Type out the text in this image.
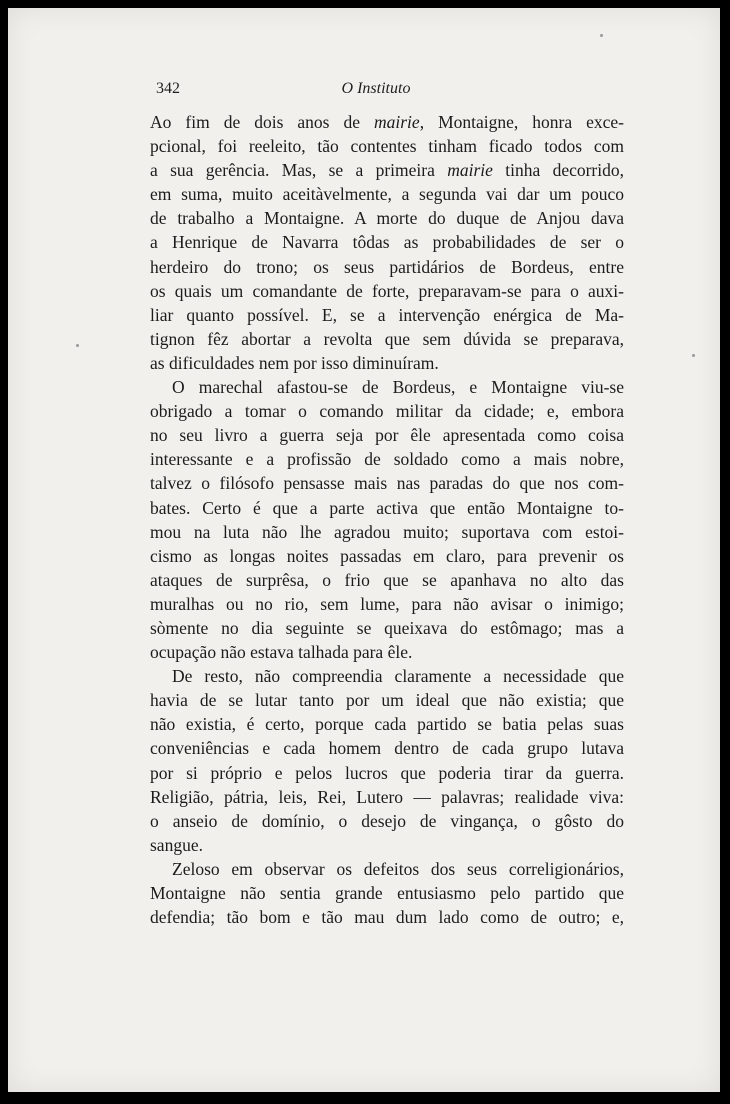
342	O Instituto

Ao fim de dois anos de mairie, Montaigne, honra exce-
pcional, foi reeleito, tão contentes tinham ficado todos com
a sua gerência. Mas, se a primeira mairie tinha decorrido,
em suma, muito aceitàvelmente, a segunda vai dar um pouco
de trabalho a Montaigne. A morte do duque de Anjou dava
a Henrique de Navarra tôdas as probabilidades de ser o
herdeiro do trono; os seus partidários de Bordeus, entre
os quais um comandante de forte, preparavam-se para o auxi-
liar quanto possível. E, se a intervenção enérgica de Ma-
tignon fêz abortar a revolta que sem dúvida se preparava,
as dificuldades nem por isso diminuíram.

O marechal afastou-se de Bordeus, e Montaigne viu-se
obrigado a tomar o comando militar da cidade; e, embora
no seu livro a guerra seja por êle apresentada como coisa
interessante e a profissão de soldado como a mais nobre,
talvez o filósofo pensasse mais nas paradas do que nos com-
bates. Certo é que a parte activa que então Montaigne to-
mou na luta não lhe agradou muito; suportava com estoi-
cismo as longas noites passadas em claro, para prevenir os
ataques de surprêsa, o frio que se apanhava no alto das
muralhas ou no rio, sem lume, para não avisar o inimigo;
sòmente no dia seguinte se queixava do estômago; mas a
ocupação não estava talhada para êle.

De resto, não compreendia claramente a necessidade que
havia de se lutar tanto por um ideal que não existia; que
não existia, é certo, porque cada partido se batia pelas suas
conveniências e cada homem dentro de cada grupo lutava
por si próprio e pelos lucros que poderia tirar da guerra.
Religião, pátria, leis, Rei, Lutero — palavras; realidade viva:
o anseio de domínio, o desejo de vingança, o gôsto do
sangue.

Zeloso em observar os defeitos dos seus correligionários,
Montaigne não sentia grande entusiasmo pelo partido que
defendia; tão bom e tão mau dum lado como de outro; e,
